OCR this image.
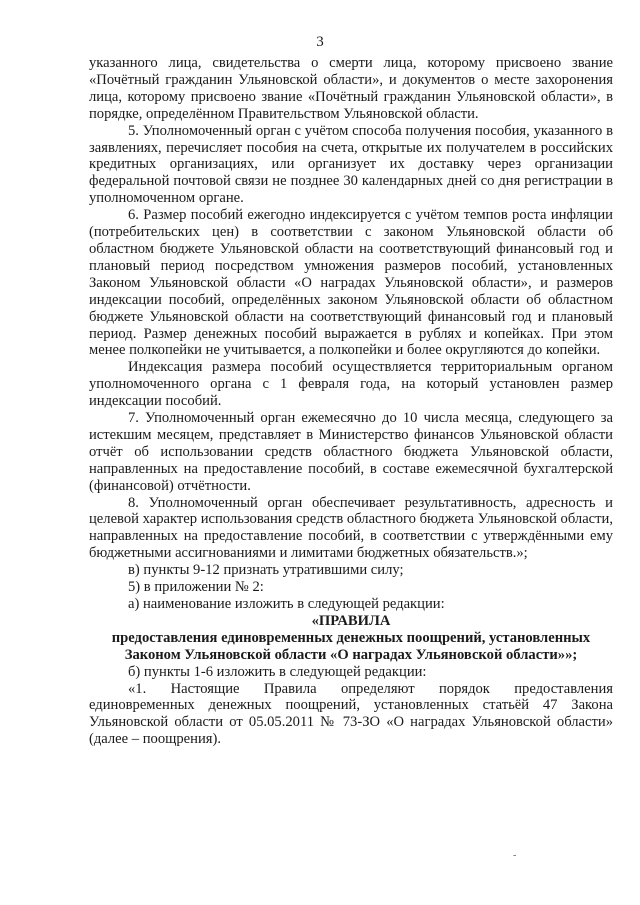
3

указанного лица, свидетельства о смерти лица, которому присвоено звание «Почётный гражданин Ульяновской области», и документов о месте захоронения лица, которому присвоено звание «Почётный гражданин Ульяновской области», в порядке, определённом Правительством Ульяновской области.

5. Уполномоченный орган с учётом способа получения пособия, указанного в заявлениях, перечисляет пособия на счета, открытые их получателем в российских кредитных организациях, или организует их доставку через организации федеральной почтовой связи не позднее 30 календарных дней со дня регистрации в уполномоченном органе.

6. Размер пособий ежегодно индексируется с учётом темпов роста инфляции (потребительских цен) в соответствии с законом Ульяновской области об областном бюджете Ульяновской области на соответствующий финансовый год и плановый период посредством умножения размеров пособий, установленных Законом Ульяновской области «О наградах Ульяновской области», и размеров индексации пособий, определённых законом Ульяновской области об областном бюджете Ульяновской области на соответствующий финансовый год и плановый период. Размер денежных пособий выражается в рублях и копейках. При этом менее полкопейки не учитывается, а полкопейки и более округляются до копейки.

Индексация размера пособий осуществляется территориальным органом уполномоченного органа с 1 февраля года, на который установлен размер индексации пособий.

7. Уполномоченный орган ежемесячно до 10 числа месяца, следующего за истекшим месяцем, представляет в Министерство финансов Ульяновской области отчёт об использовании средств областного бюджета Ульяновской области, направленных на предоставление пособий, в составе ежемесячной бухгалтерской (финансовой) отчётности.

8. Уполномоченный орган обеспечивает результативность, адресность и целевой характер использования средств областного бюджета Ульяновской области, направленных на предоставление пособий, в соответствии с утверждёнными ему бюджетными ассигнованиями и лимитами бюджетных обязательств.»;

в) пункты 9-12 признать утратившими силу;

5) в приложении № 2:

а) наименование изложить в следующей редакции:

«ПРАВИЛА
предоставления единовременных денежных поощрений, установленных Законом Ульяновской области «О наградах Ульяновской области»»;

б) пункты 1-6 изложить в следующей редакции:

«1. Настоящие Правила определяют порядок предоставления единовременных денежных поощрений, установленных статьёй 47 Закона Ульяновской области от 05.05.2011 № 73-ЗО «О наградах Ульяновской области» (далее – поощрения).

-
